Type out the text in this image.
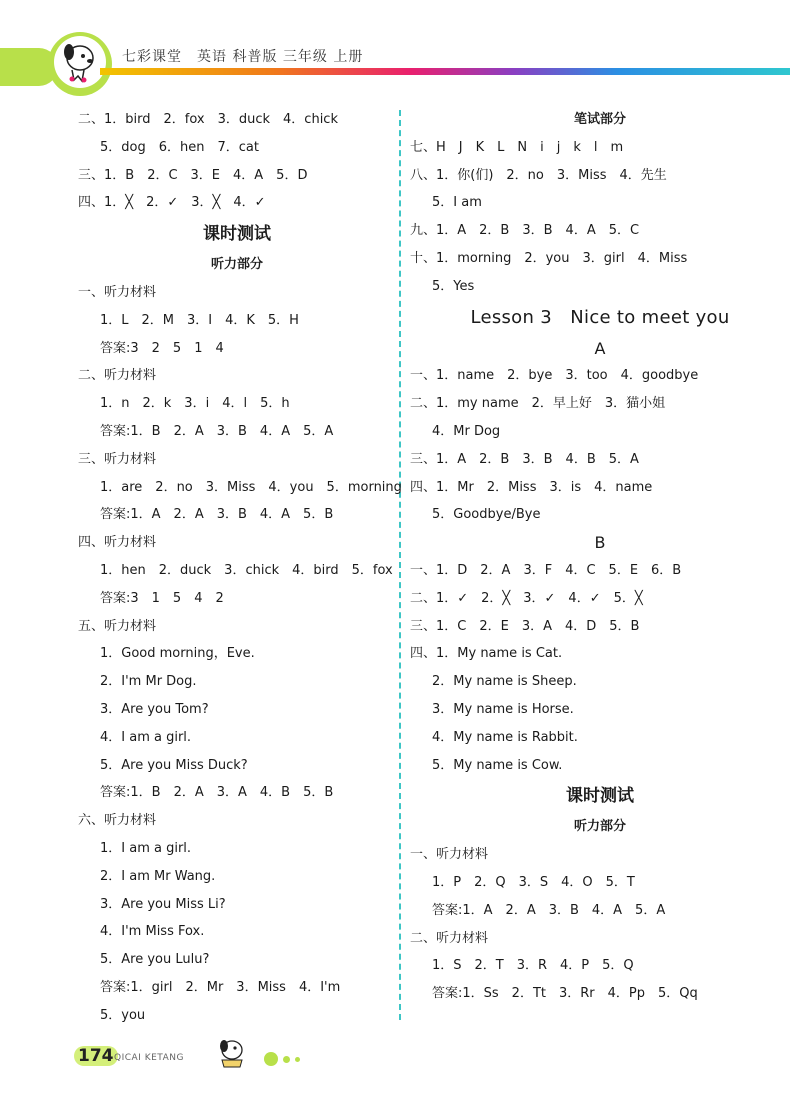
七彩课堂　英语 科普版 三年级 上册
二、1．bird　2．fox　3．duck　4．chick
5．dog　6．hen　7．cat
三、1．B　2．C　3．E　4．A　5．D
四、1．╳　2．✓　3．╳　4．✓
课时测试
听力部分
一、听力材料
1．L　2．M　3．I　4．K　5．H
答案:3　2　5　1　4
二、听力材料
1．n　2．k　3．i　4．l　5．h
答案:1．B　2．A　3．B　4．A　5．A
三、听力材料
1．are　2．no　3．Miss　4．you　5．morning
答案:1．A　2．A　3．B　4．A　5．B
四、听力材料
1．hen　2．duck　3．chick　4．bird　5．fox
答案:3　1　5　4　2
五、听力材料
1．Good morning，Eve.
2．I'm Mr Dog.
3．Are you Tom?
4．I am a girl.
5．Are you Miss Duck?
答案:1．B　2．A　3．A　4．B　5．B
六、听力材料
1．I am a girl.
2．I am Mr Wang.
3．Are you Miss Li?
4．I'm Miss Fox.
5．Are you Lulu?
答案:1．girl　2．Mr　3．Miss　4．I'm
5．you
笔试部分
七、H　J　K　L　N　i　j　k　l　m
八、1．你(们)　2．no　3．Miss　4．先生
5．I am
九、1．A　2．B　3．B　4．A　5．C
十、1．morning　2．you　3．girl　4．Miss
5．Yes
Lesson 3　Nice to meet you
A
一、1．name　2．bye　3．too　4．goodbye
二、1．my name　2．早上好　3．猫小姐
4．Mr Dog
三、1．A　2．B　3．B　4．B　5．A
四、1．Mr　2．Miss　3．is　4．name
5．Goodbye/Bye
B
一、1．D　2．A　3．F　4．C　5．E　6．B
二、1．✓　2．╳　3．✓　4．✓　5．╳
三、1．C　2．E　3．A　4．D　5．B
四、1．My name is Cat.
2．My name is Sheep.
3．My name is Horse.
4．My name is Rabbit.
5．My name is Cow.
课时测试
听力部分
一、听力材料
1．P　2．Q　3．S　4．O　5．T
答案:1．A　2．A　3．B　4．A　5．A
二、听力材料
1．S　2．T　3．R　4．P　5．Q
答案:1．Ss　2．Tt　3．Rr　4．Pp　5．Qq
174 QICAI KETANG
